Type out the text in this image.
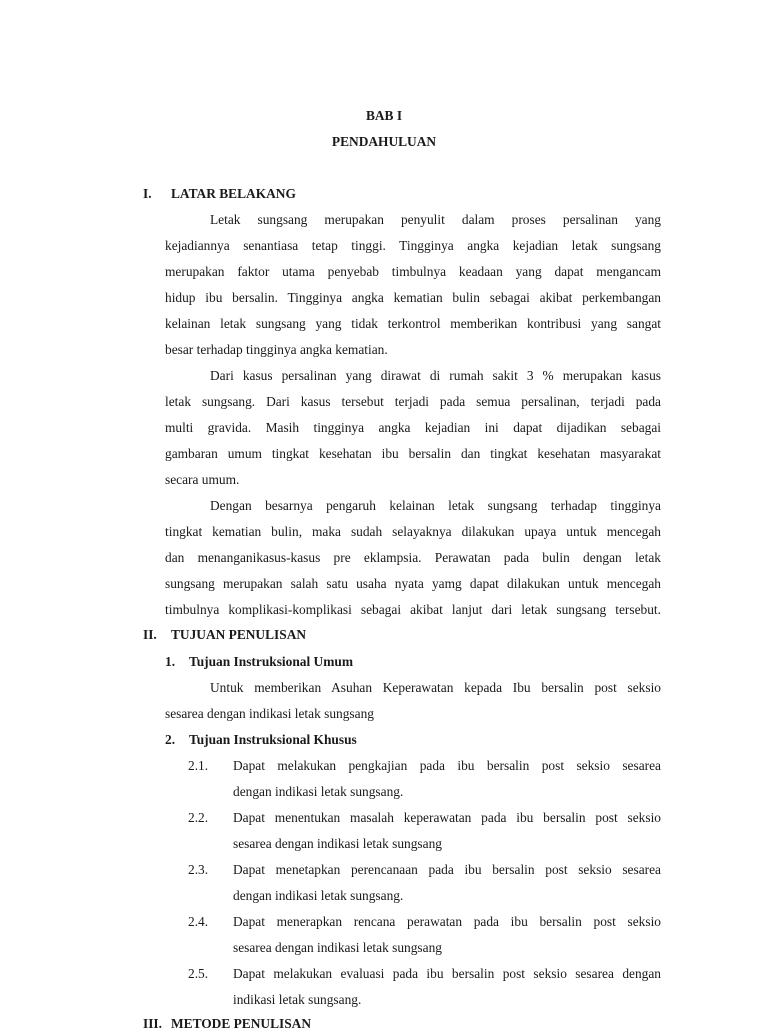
BAB I
PENDAHULUAN
I. LATAR BELAKANG
Letak sungsang merupakan penyulit dalam proses persalinan yang
kejadiannya senantiasa tetap tinggi. Tingginya angka kejadian letak sungsang
merupakan faktor utama penyebab timbulnya keadaan yang dapat mengancam
hidup ibu bersalin. Tingginya angka kematian bulin sebagai akibat perkembangan
kelainan letak sungsang yang tidak terkontrol memberikan kontribusi yang sangat
besar terhadap tingginya angka kematian.
Dari kasus persalinan yang dirawat di rumah sakit 3 % merupakan kasus
letak sungsang. Dari kasus tersebut terjadi pada semua persalinan, terjadi pada
multi gravida. Masih tingginya angka kejadian ini dapat dijadikan sebagai
gambaran umum tingkat kesehatan ibu bersalin dan tingkat kesehatan masyarakat
secara umum.
Dengan besarnya pengaruh kelainan letak sungsang terhadap tingginya
tingkat kematian bulin, maka sudah selayaknya dilakukan upaya untuk mencegah
dan menanganikasus-kasus pre eklampsia. Perawatan pada bulin dengan letak
sungsang merupakan salah satu usaha nyata yamg dapat dilakukan untuk mencegah
timbulnya komplikasi-komplikasi sebagai akibat lanjut dari letak sungsang tersebut.
II. TUJUAN PENULISAN
1. Tujuan Instruksional Umum
Untuk memberikan Asuhan Keperawatan kepada Ibu bersalin post seksio
sesarea dengan indikasi letak sungsang
2. Tujuan Instruksional Khusus
2.1. Dapat melakukan pengkajian pada ibu bersalin post seksio sesarea
dengan indikasi letak sungsang.
2.2. Dapat menentukan masalah keperawatan pada ibu bersalin post seksio
sesarea dengan indikasi letak sungsang
2.3. Dapat menetapkan perencanaan pada ibu bersalin post seksio sesarea
dengan indikasi letak sungsang.
2.4. Dapat menerapkan rencana perawatan pada ibu bersalin post seksio
sesarea dengan indikasi letak sungsang
2.5. Dapat melakukan evaluasi pada ibu bersalin post seksio sesarea dengan
indikasi letak sungsang.
III. METODE PENULISAN
